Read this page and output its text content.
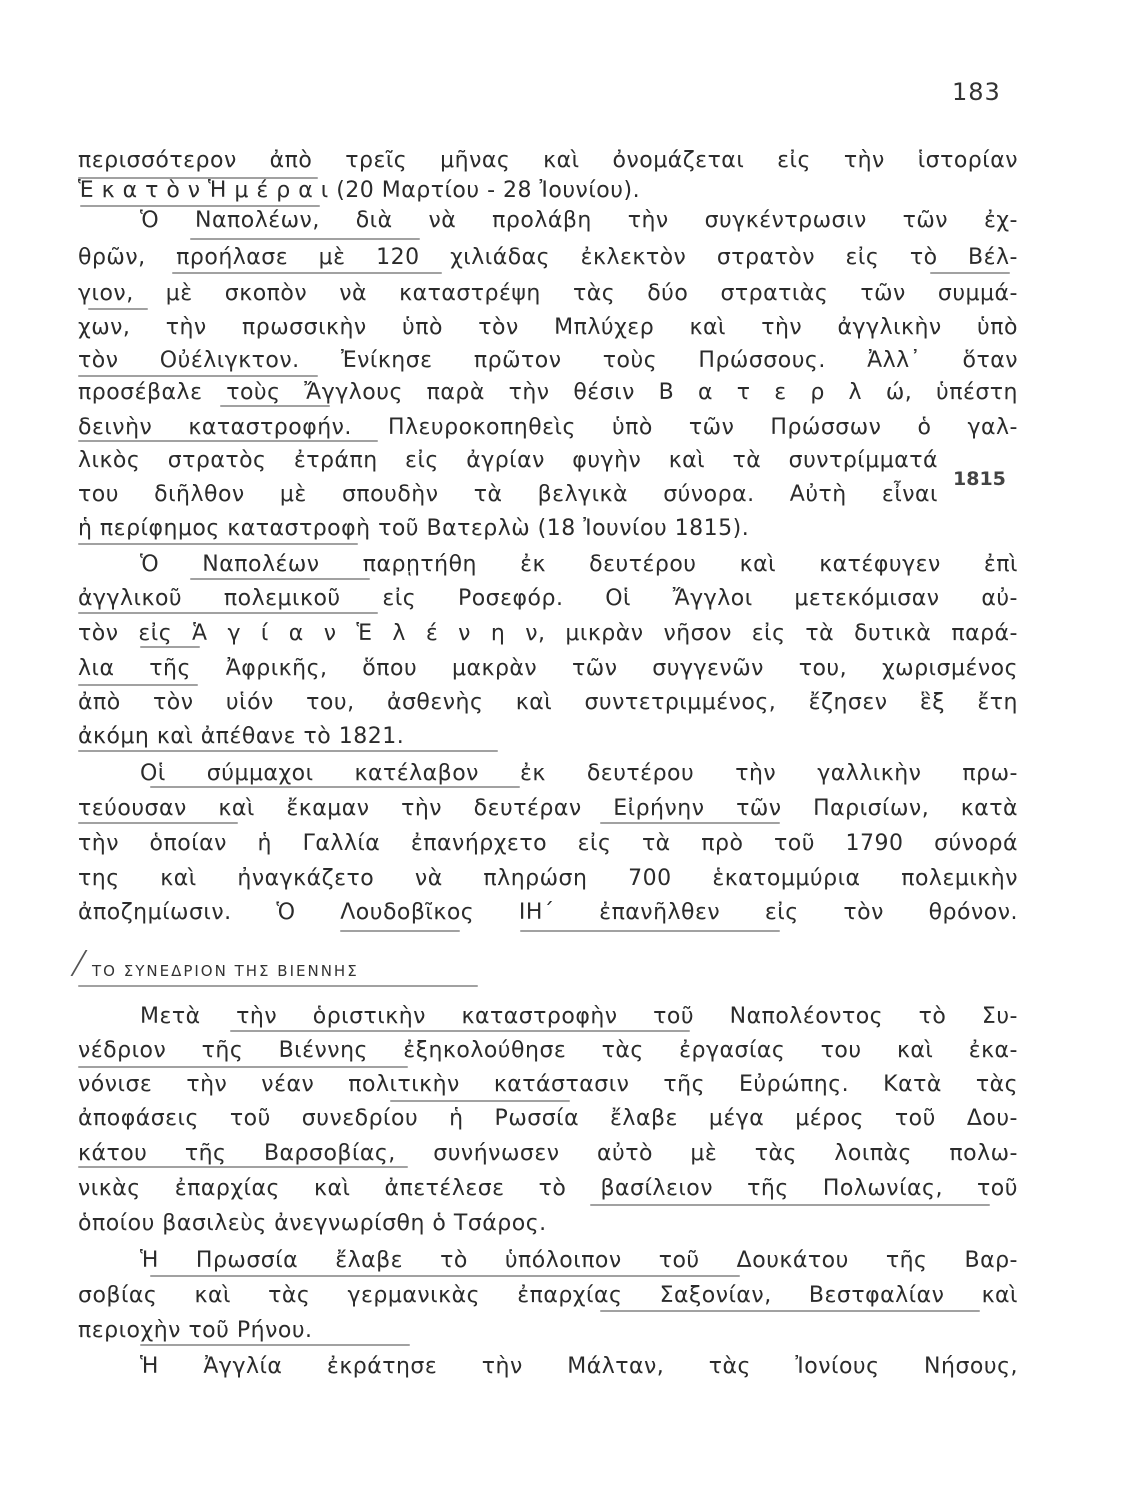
183
1815
περισσότερον ἀπὸ τρεῖς μῆνας καὶ ὀνομάζεται εἰς τὴν ἱστορίαν
Ἑ κ α τ ὸ ν Ἡ μ έ ρ α ι (20 Μαρτίου - 28 Ἰουνίου).
Ὁ Ναπολέων, διὰ νὰ προλάβη τὴν συγκέντρωσιν τῶν ἐχ-
θρῶν, προήλασε μὲ 120 χιλιάδας ἐκλεκτὸν στρατὸν εἰς τὸ Βέλ-
γιον, μὲ σκοπὸν νὰ καταστρέψη τὰς δύο στρατιὰς τῶν συμμά-
χων, τὴν πρωσσικὴν ὑπὸ τὸν Μπλύχερ καὶ τὴν ἀγγλικὴν ὑπὸ
τὸν Οὐέλιγκτον. Ἐνίκησε πρῶτον τοὺς Πρώσσους. Ἀλλ᾽ ὅταν
προσέβαλε τοὺς Ἄγγλους παρὰ τὴν θέσιν Β α τ ε ρ λ ώ, ὑπέστη
δεινὴν καταστροφήν. Πλευροκοπηθεὶς ὑπὸ τῶν Πρώσσων ὁ γαλ-
λικὸς στρατὸς ἐτράπη εἰς ἀγρίαν φυγὴν καὶ τὰ συντρίμματά
του διῆλθον μὲ σπουδὴν τὰ βελγικὰ σύνορα. Αὐτὴ εἶναι
ἡ περίφημος καταστροφὴ τοῦ Βατερλὼ (18 Ἰουνίου 1815).
Ὁ Ναπολέων παρῃτήθη ἐκ δευτέρου καὶ κατέφυγεν ἐπὶ
ἀγγλικοῦ πολεμικοῦ εἰς Ροσεφόρ. Οἱ Ἄγγλοι μετεκόμισαν αὐ-
τὸν εἰς Ἁ γ ί α ν Ἑ λ έ ν η ν, μικρὰν νῆσον εἰς τὰ δυτικὰ παρά-
λια τῆς Ἀφρικῆς, ὅπου μακρὰν τῶν συγγενῶν του, χωρισμένος
ἀπὸ τὸν υἱόν του, ἀσθενὴς καὶ συντετριμμένος, ἔζησεν ἓξ ἔτη
ἀκόμη καὶ ἀπέθανε τὸ 1821.
Οἱ σύμμαχοι κατέλαβον ἐκ δευτέρου τὴν γαλλικὴν πρω-
τεύουσαν καὶ ἔκαμαν τὴν δευτέραν Εἰρήνην τῶν Παρισίων, κατὰ
τὴν ὁποίαν ἡ Γαλλία ἐπανήρχετο εἰς τὰ πρὸ τοῦ 1790 σύνορά
της καὶ ἠναγκάζετο νὰ πληρώση 700 ἑκατομμύρια πολεμικὴν
ἀποζημίωσιν. Ὁ Λουδοβῖκος ΙΗ´ ἐπανῆλθεν εἰς τὸν θρόνον.
ΤΟ ΣΥΝΕΔΡΙΟΝ ΤΗΣ ΒΙΕΝΝΗΣ
Μετὰ τὴν ὁριστικὴν καταστροφὴν τοῦ Ναπολέοντος τὸ Συ-
νέδριον τῆς Βιέννης ἐξηκολούθησε τὰς ἐργασίας του καὶ ἐκα-
νόνισε τὴν νέαν πολιτικὴν κατάστασιν τῆς Εὐρώπης. Κατὰ τὰς
ἀποφάσεις τοῦ συνεδρίου ἡ Ρωσσία ἔλαβε μέγα μέρος τοῦ Δου-
κάτου τῆς Βαρσοβίας, συνήνωσεν αὐτὸ μὲ τὰς λοιπὰς πολω-
νικὰς ἐπαρχίας καὶ ἀπετέλεσε τὸ βασίλειον τῆς Πολωνίας, τοῦ
ὁποίου βασιλεὺς ἀνεγνωρίσθη ὁ Τσάρος.
Ἡ Πρωσσία ἔλαβε τὸ ὑπόλοιπον τοῦ Δουκάτου τῆς Βαρ-
σοβίας καὶ τὰς γερμανικὰς ἐπαρχίας Σαξονίαν, Βεστφαλίαν καὶ
περιοχὴν τοῦ Ρήνου.
Ἡ Ἀγγλία ἐκράτησε τὴν Μάλταν, τὰς Ἰονίους Νήσους,
